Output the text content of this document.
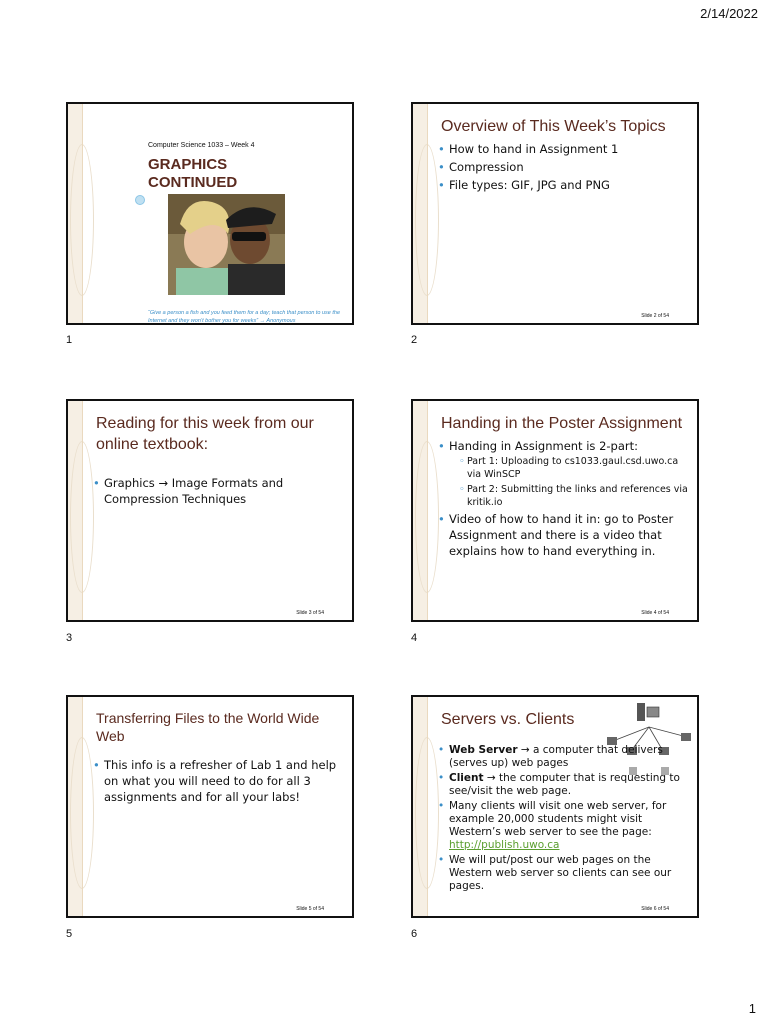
2/14/2022
Computer Science 1033 – Week 4
GRAPHICS
CONTINUED
“Give a person a fish and you feed them for a day; teach that person to use the Internet and they won’t bother you for weeks” → Anonymous
1
Overview of This Week’s Topics
• How to hand in Assignment 1
• Compression
• File types: GIF, JPG and PNG
Slide 2 of 54
2
Reading for this week from our online textbook:
• Graphics → Image Formats and Compression Techniques
Slide 3 of 54
3
Handing in the Poster Assignment
• Handing in Assignment is 2-part:
◦ Part 1: Uploading to cs1033.gaul.csd.uwo.ca via WinSCP
◦ Part 2: Submitting the links and references via kritik.io
• Video of how to hand it in: go to Poster Assignment and there is a video that explains how to hand everything in.
Slide 4 of 54
4
Transferring Files to the World Wide Web
• This info is a refresher of Lab 1 and help on what you will need to do for all 3 assignments and for all your labs!
Slide 5 of 54
5
Servers vs. Clients
• Web Server → a computer that delivers (serves up) web pages
• Client → the computer that is requesting to see/visit the web page.
• Many clients will visit one web server, for example 20,000 students might visit Western’s web server to see the page: http://publish.uwo.ca
• We will put/post our web pages on the Western web server so clients can see our pages.
Slide 6 of 54
6
1
